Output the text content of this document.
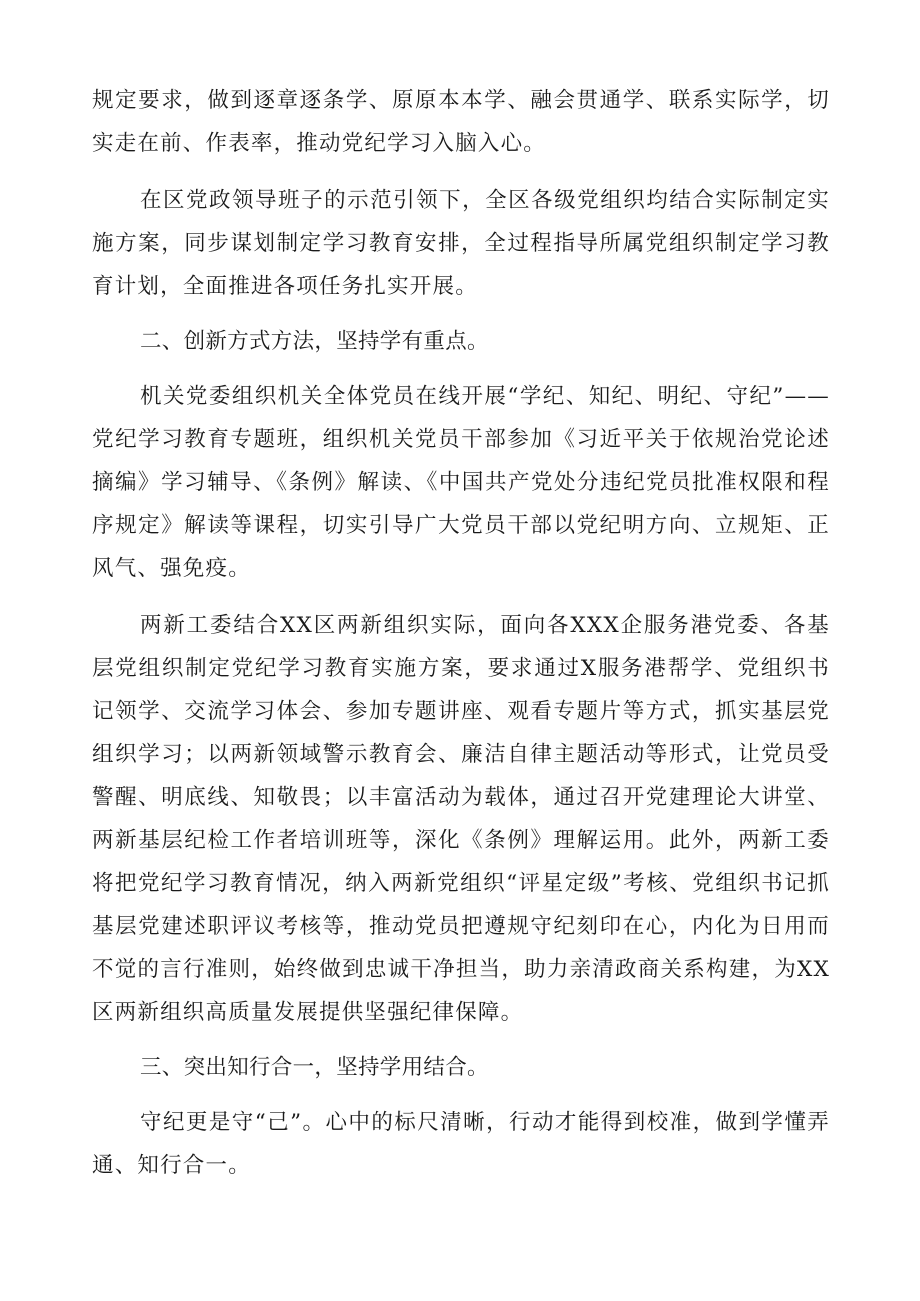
规定要求，做到逐章逐条学、原原本本学、融会贯通学、联系实际学，切实走在前、作表率，推动党纪学习入脑入心。

在区党政领导班子的示范引领下，全区各级党组织均结合实际制定实施方案，同步谋划制定学习教育安排，全过程指导所属党组织制定学习教育计划，全面推进各项任务扎实开展。

二、创新方式方法，坚持学有重点。

机关党委组织机关全体党员在线开展“学纪、知纪、明纪、守纪”——党纪学习教育专题班，组织机关党员干部参加《习近平关于依规治党论述摘编》学习辅导、《条例》解读、《中国共产党处分违纪党员批准权限和程序规定》解读等课程，切实引导广大党员干部以党纪明方向、立规矩、正风气、强免疫。

两新工委结合XX区两新组织实际，面向各XXX企服务港党委、各基层党组织制定党纪学习教育实施方案，要求通过X服务港帮学、党组织书记领学、交流学习体会、参加专题讲座、观看专题片等方式，抓实基层党组织学习；以两新领域警示教育会、廉洁自律主题活动等形式，让党员受警醒、明底线、知敬畏；以丰富活动为载体，通过召开党建理论大讲堂、两新基层纪检工作者培训班等，深化《条例》理解运用。此外，两新工委将把党纪学习教育情况，纳入两新党组织“评星定级”考核、党组织书记抓基层党建述职评议考核等，推动党员把遵规守纪刻印在心，内化为日用而不觉的言行准则，始终做到忠诚干净担当，助力亲清政商关系构建，为XX区两新组织高质量发展提供坚强纪律保障。

三、突出知行合一，坚持学用结合。

守纪更是守“己”。心中的标尺清晰，行动才能得到校准，做到学懂弄通、知行合一。
